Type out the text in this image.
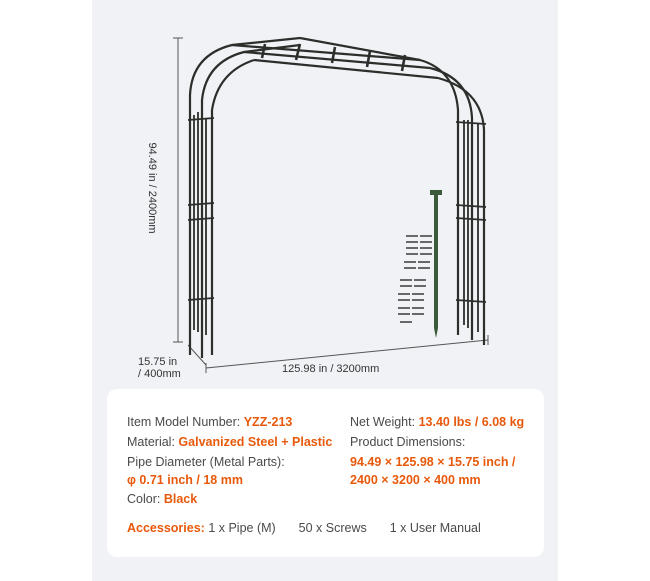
94.49 in / 2400mm
15.75 in
/ 400mm	125.98 in / 3200mm
Item Model Number: YZZ-213
Material: Galvanized Steel + Plastic
Pipe Diameter (Metal Parts):
φ 0.71 inch / 18 mm
Color: Black
Net Weight: 13.40 lbs / 6.08 kg
Product Dimensions:
94.49 × 125.98 × 15.75 inch /
2400 × 3200 × 400 mm
Accessories: 1 x Pipe (M) 50 x Screws 1 x User Manual
